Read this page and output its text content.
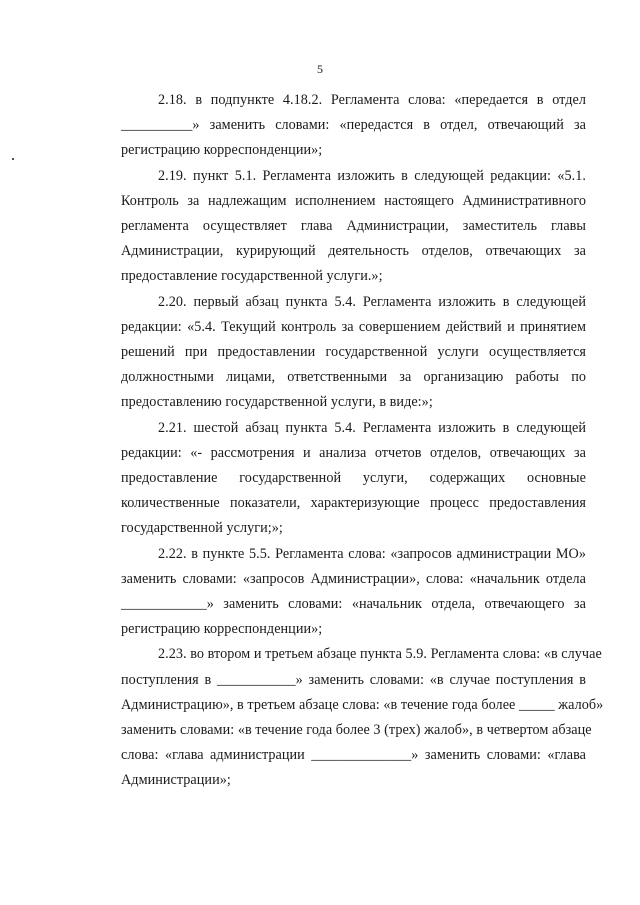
5

2.18. в подпункте 4.18.2. Регламента слова: «передается в отдел
__________» заменить словами: «передастся в отдел, отвечающий за
регистрацию корреспонденции»;

2.19. пункт 5.1. Регламента изложить в следующей редакции: «5.1.
Контроль за надлежащим исполнением настоящего Административного
регламента осуществляет глава Администрации, заместитель главы
Администрации, курирующий деятельность отделов, отвечающих за
предоставление государственной услуги.»;

2.20. первый абзац пункта 5.4. Регламента изложить в следующей
редакции: «5.4. Текущий контроль за совершением действий и принятием
решений при предоставлении государственной услуги осуществляется
должностными лицами, ответственными за организацию работы по
предоставлению государственной услуги, в виде:»;

2.21. шестой абзац пункта 5.4. Регламента изложить в следующей
редакции: «- рассмотрения и анализа отчетов отделов, отвечающих за
предоставление государственной услуги, содержащих основные
количественные показатели, характеризующие процесс предоставления
государственной услуги;»;

2.22. в пункте 5.5. Регламента слова: «запросов администрации МО»
заменить словами: «запросов Администрации», слова: «начальник отдела
____________» заменить словами: «начальник отдела, отвечающего за
регистрацию корреспонденции»;

2.23. во втором и третьем абзаце пункта 5.9. Регламента слова: «в случае
поступления в ___________» заменить словами: «в случае поступления в
Администрацию», в третьем абзаце слова: «в течение года более _____ жалоб»
заменить словами: «в течение года более 3 (трех) жалоб», в четвертом абзаце
слова: «глава администрации ______________» заменить словами: «глава
Администрации»;
